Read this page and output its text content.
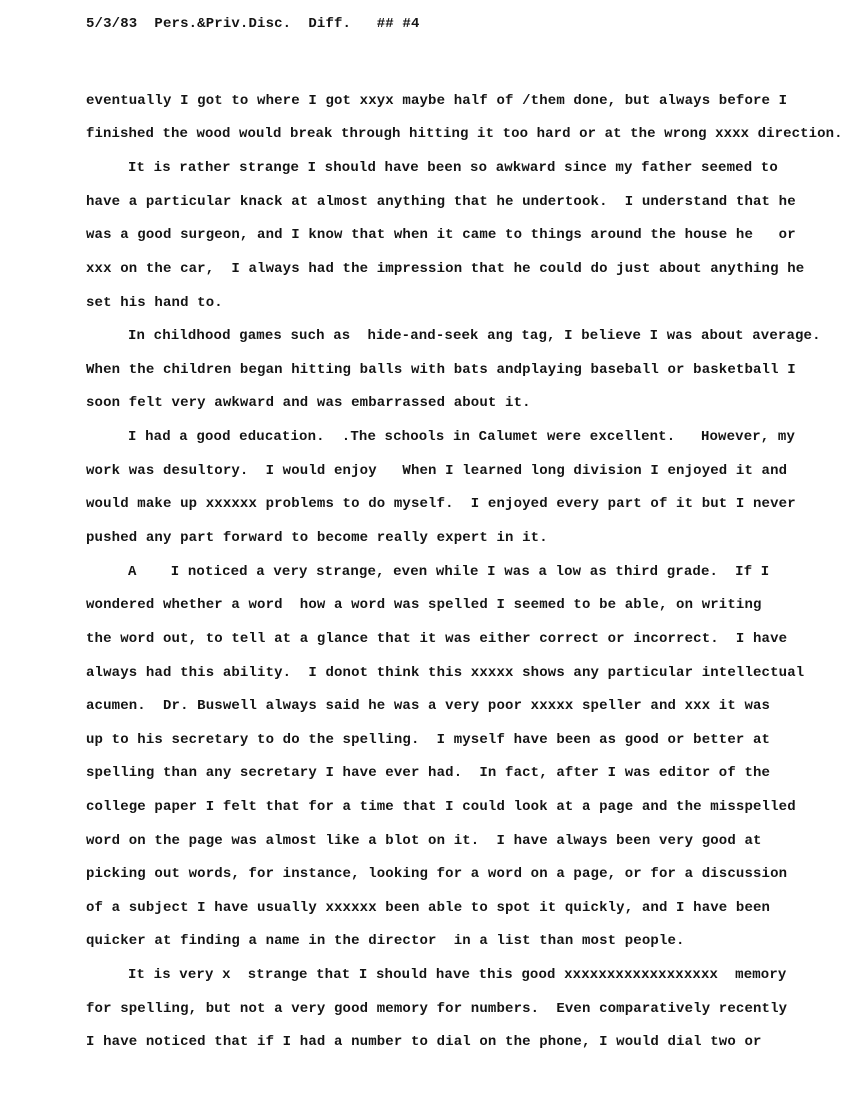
5/3/83  Pers.&Priv.Disc.  Diff.   ## #4
eventually I got to where I got xxyx maybe half of /them done, but always before I
finished the wood would break through hitting it too hard or at the wrong xxxx direction.
It is rather strange I should have been so awkward since my father seemed to
have a particular knack at almost anything that he undertook.  I understand that he
was a good surgeon, and I know that when it came to things around the house he   or
xxx on the car,  I always had the impression that he could do just about anything he
set his hand to.
In childhood games such as  hide-and-seek ang tag, I believe I was about average.
When the children began hitting balls with bats andplaying baseball or basketball I
soon felt very awkward and was embarrassed about it.
I had a good education.  .The schools in Calumet were excellent.   However, my
work was desultory.  I would enjoy   When I learned long division I enjoyed it and
would make up xxxxxx problems to do myself.  I enjoyed every part of it but I never
pushed any part forward to become really expert in it.
A    I noticed a very strange, even while I was a low as third grade.  If I
wondered whether a word  how a word was spelled I seemed to be able, on writing
the word out, to tell at a glance that it was either correct or incorrect.  I have
always had this ability.  I donot think this xxxxx shows any particular intellectual
acumen.  Dr. Buswell always said he was a very poor xxxxx speller and xxx it was
up to his secretary to do the spelling.  I myself have been as good or better at
spelling than any secretary I have ever had.  In fact, after I was editor of the
college paper I felt that for a time that I could look at a page and the misspelled
word on the page was almost like a blot on it.  I have always been very good at
picking out words, for instance, looking for a word on a page, or for a discussion
of a subject I have usually xxxxxx been able to spot it quickly, and I have been
quicker at finding a name in the director  in a list than most people.
It is very x  strange that I should have this good xxxxxxxxxxxxxxxxxx  memory
for spelling, but not a very good memory for numbers.  Even comparatively recently
I have noticed that if I had a number to dial on the phone, I would dial two or
